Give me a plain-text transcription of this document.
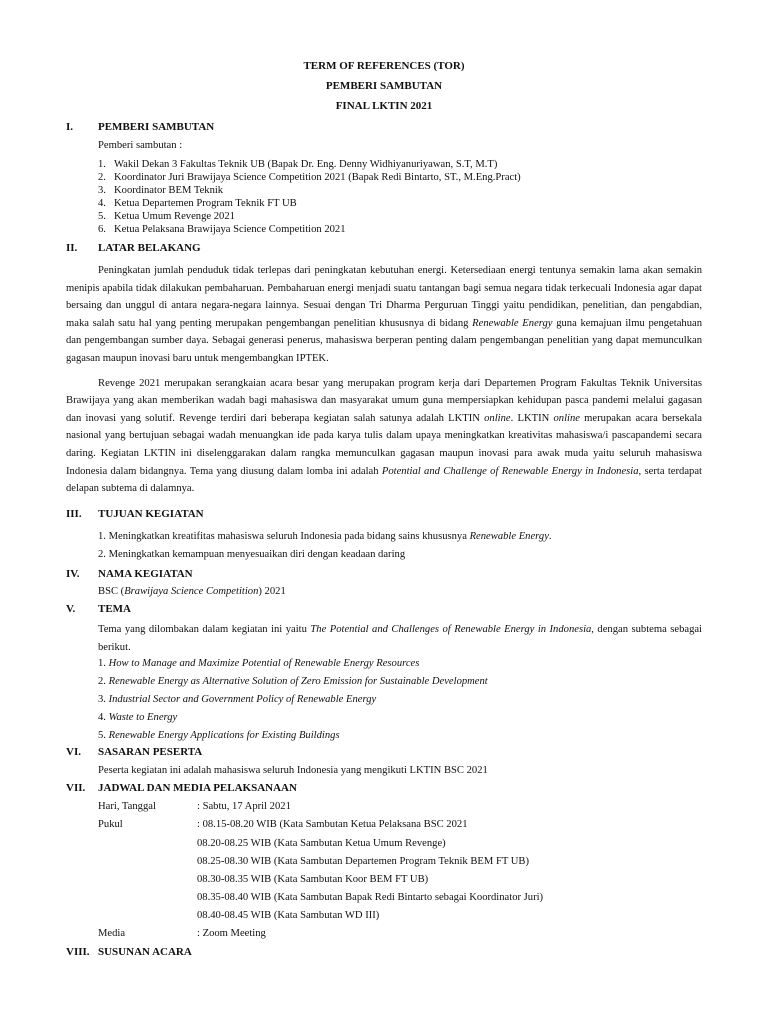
TERM OF REFERENCES (TOR)
PEMBERI SAMBUTAN
FINAL LKTIN 2021
I. PEMBERI SAMBUTAN
Pemberi sambutan :
1. Wakil Dekan 3 Fakultas Teknik UB (Bapak Dr. Eng. Denny Widhiyanuriyawan, S.T, M.T)
2. Koordinator Juri Brawijaya Science Competition 2021 (Bapak Redi Bintarto, ST., M.Eng.Pract)
3. Koordinator BEM Teknik
4. Ketua Departemen Program Teknik FT UB
5. Ketua Umum Revenge 2021
6. Ketua Pelaksana Brawijaya Science Competition 2021
II. LATAR BELAKANG

Peningkatan jumlah penduduk tidak terlepas dari peningkatan kebutuhan energi. Ketersediaan energi tentunya semakin lama akan semakin menipis apabila tidak dilakukan pembaharuan. Pembaharuan energi menjadi suatu tantangan bagi semua negara tidak terkecuali Indonesia agar dapat bersaing dan unggul di antara negara-negara lainnya. Sesuai dengan Tri Dharma Perguruan Tinggi yaitu pendidikan, penelitian, dan pengabdian, maka salah satu hal yang penting merupakan pengembangan penelitian khususnya di bidang Renewable Energy guna kemajuan ilmu pengetahuan dan pengembangan sumber daya. Sebagai generasi penerus, mahasiswa berperan penting dalam pengembangan penelitian yang dapat memunculkan gagasan maupun inovasi baru untuk mengembangkan IPTEK.

Revenge 2021 merupakan serangkaian acara besar yang merupakan program kerja dari Departemen Program Fakultas Teknik Universitas Brawijaya yang akan memberikan wadah bagi mahasiswa dan masyarakat umum guna mempersiapkan kehidupan pasca pandemi melalui gagasan dan inovasi yang solutif. Revenge terdiri dari beberapa kegiatan salah satunya adalah LKTIN online. LKTIN online merupakan acara bersekala nasional yang bertujuan sebagai wadah menuangkan ide pada karya tulis dalam upaya meningkatkan kreativitas mahasiswa/i pascapandemi secara daring. Kegiatan LKTIN ini diselenggarakan dalam rangka memunculkan gagasan maupun inovasi para awak muda yaitu seluruh mahasiswa Indonesia dalam bidangnya. Tema yang diusung dalam lomba ini adalah Potential and Challenge of Renewable Energy in Indonesia, serta terdapat delapan subtema di dalamnya.

III. TUJUAN KEGIATAN
1. Meningkatkan kreatifitas mahasiswa seluruh Indonesia pada bidang sains khususnya Renewable Energy.
2. Meningkatkan kemampuan menyesuaikan diri dengan keadaan daring
IV. NAMA KEGIATAN
BSC (Brawijaya Science Competition) 2021
V. TEMA
Tema yang dilombakan dalam kegiatan ini yaitu The Potential and Challenges of Renewable Energy in Indonesia, dengan subtema sebagai berikut.
1. How to Manage and Maximize Potential of Renewable Energy Resources
2. Renewable Energy as Alternative Solution of Zero Emission for Sustainable Development
3. Industrial Sector and Government Policy of Renewable Energy
4. Waste to Energy
5. Renewable Energy Applications for Existing Buildings
VI. SASARAN PESERTA
Peserta kegiatan ini adalah mahasiswa seluruh Indonesia yang mengikuti LKTIN BSC 2021
VII. JADWAL DAN MEDIA PELAKSANAAN
Hari, Tanggal	: Sabtu, 17 April 2021
Pukul	: 08.15-08.20 WIB (Kata Sambutan Ketua Pelaksana BSC 2021
08.20-08.25 WIB (Kata Sambutan Ketua Umum Revenge)
08.25-08.30 WIB (Kata Sambutan Departemen Program Teknik BEM FT UB)
08.30-08.35 WIB (Kata Sambutan Koor BEM FT UB)
08.35-08.40 WIB (Kata Sambutan Bapak Redi Bintarto sebagai Koordinator Juri)
08.40-08.45 WIB (Kata Sambutan WD III)
Media	: Zoom Meeting
VIII. SUSUNAN ACARA
